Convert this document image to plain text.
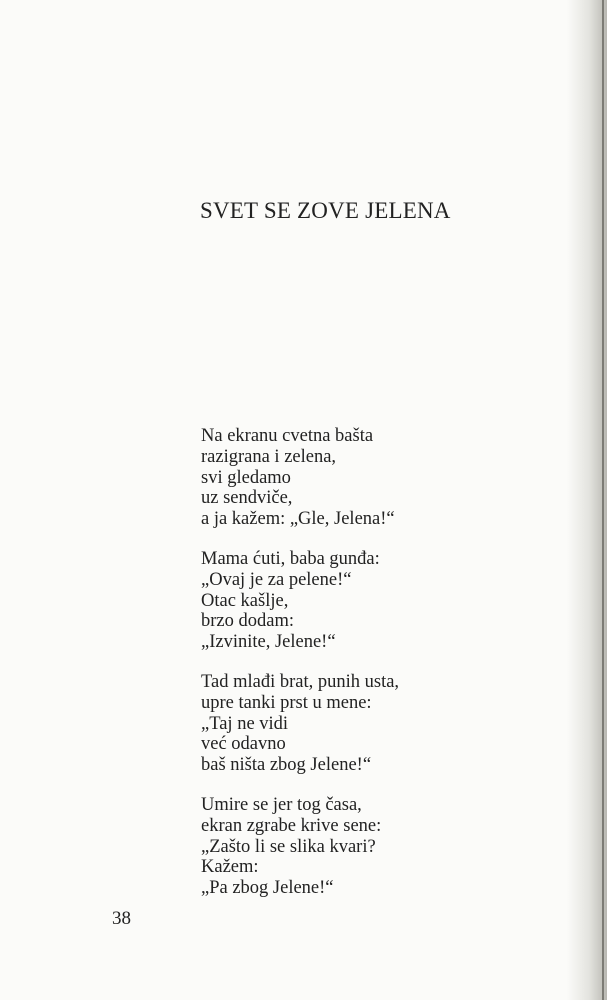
SVET SE ZOVE JELENA
Na ekranu cvetna bašta
razigrana i zelena,
svi gledamo
uz sendviče,
a ja kažem: „Gle, Jelena!“
Mama ćuti, baba gunđa:
„Ovaj je za pelene!“
Otac kašlje,
brzo dodam:
„Izvinite, Jelene!“
Tad mlađi brat, punih usta,
upre tanki prst u mene:
„Taj ne vidi
već odavno
baš ništa zbog Jelene!“
Umire se jer tog časa,
ekran zgrabe krive sene:
„Zašto li se slika kvari?
Kažem:
„Pa zbog Jelene!“
38
